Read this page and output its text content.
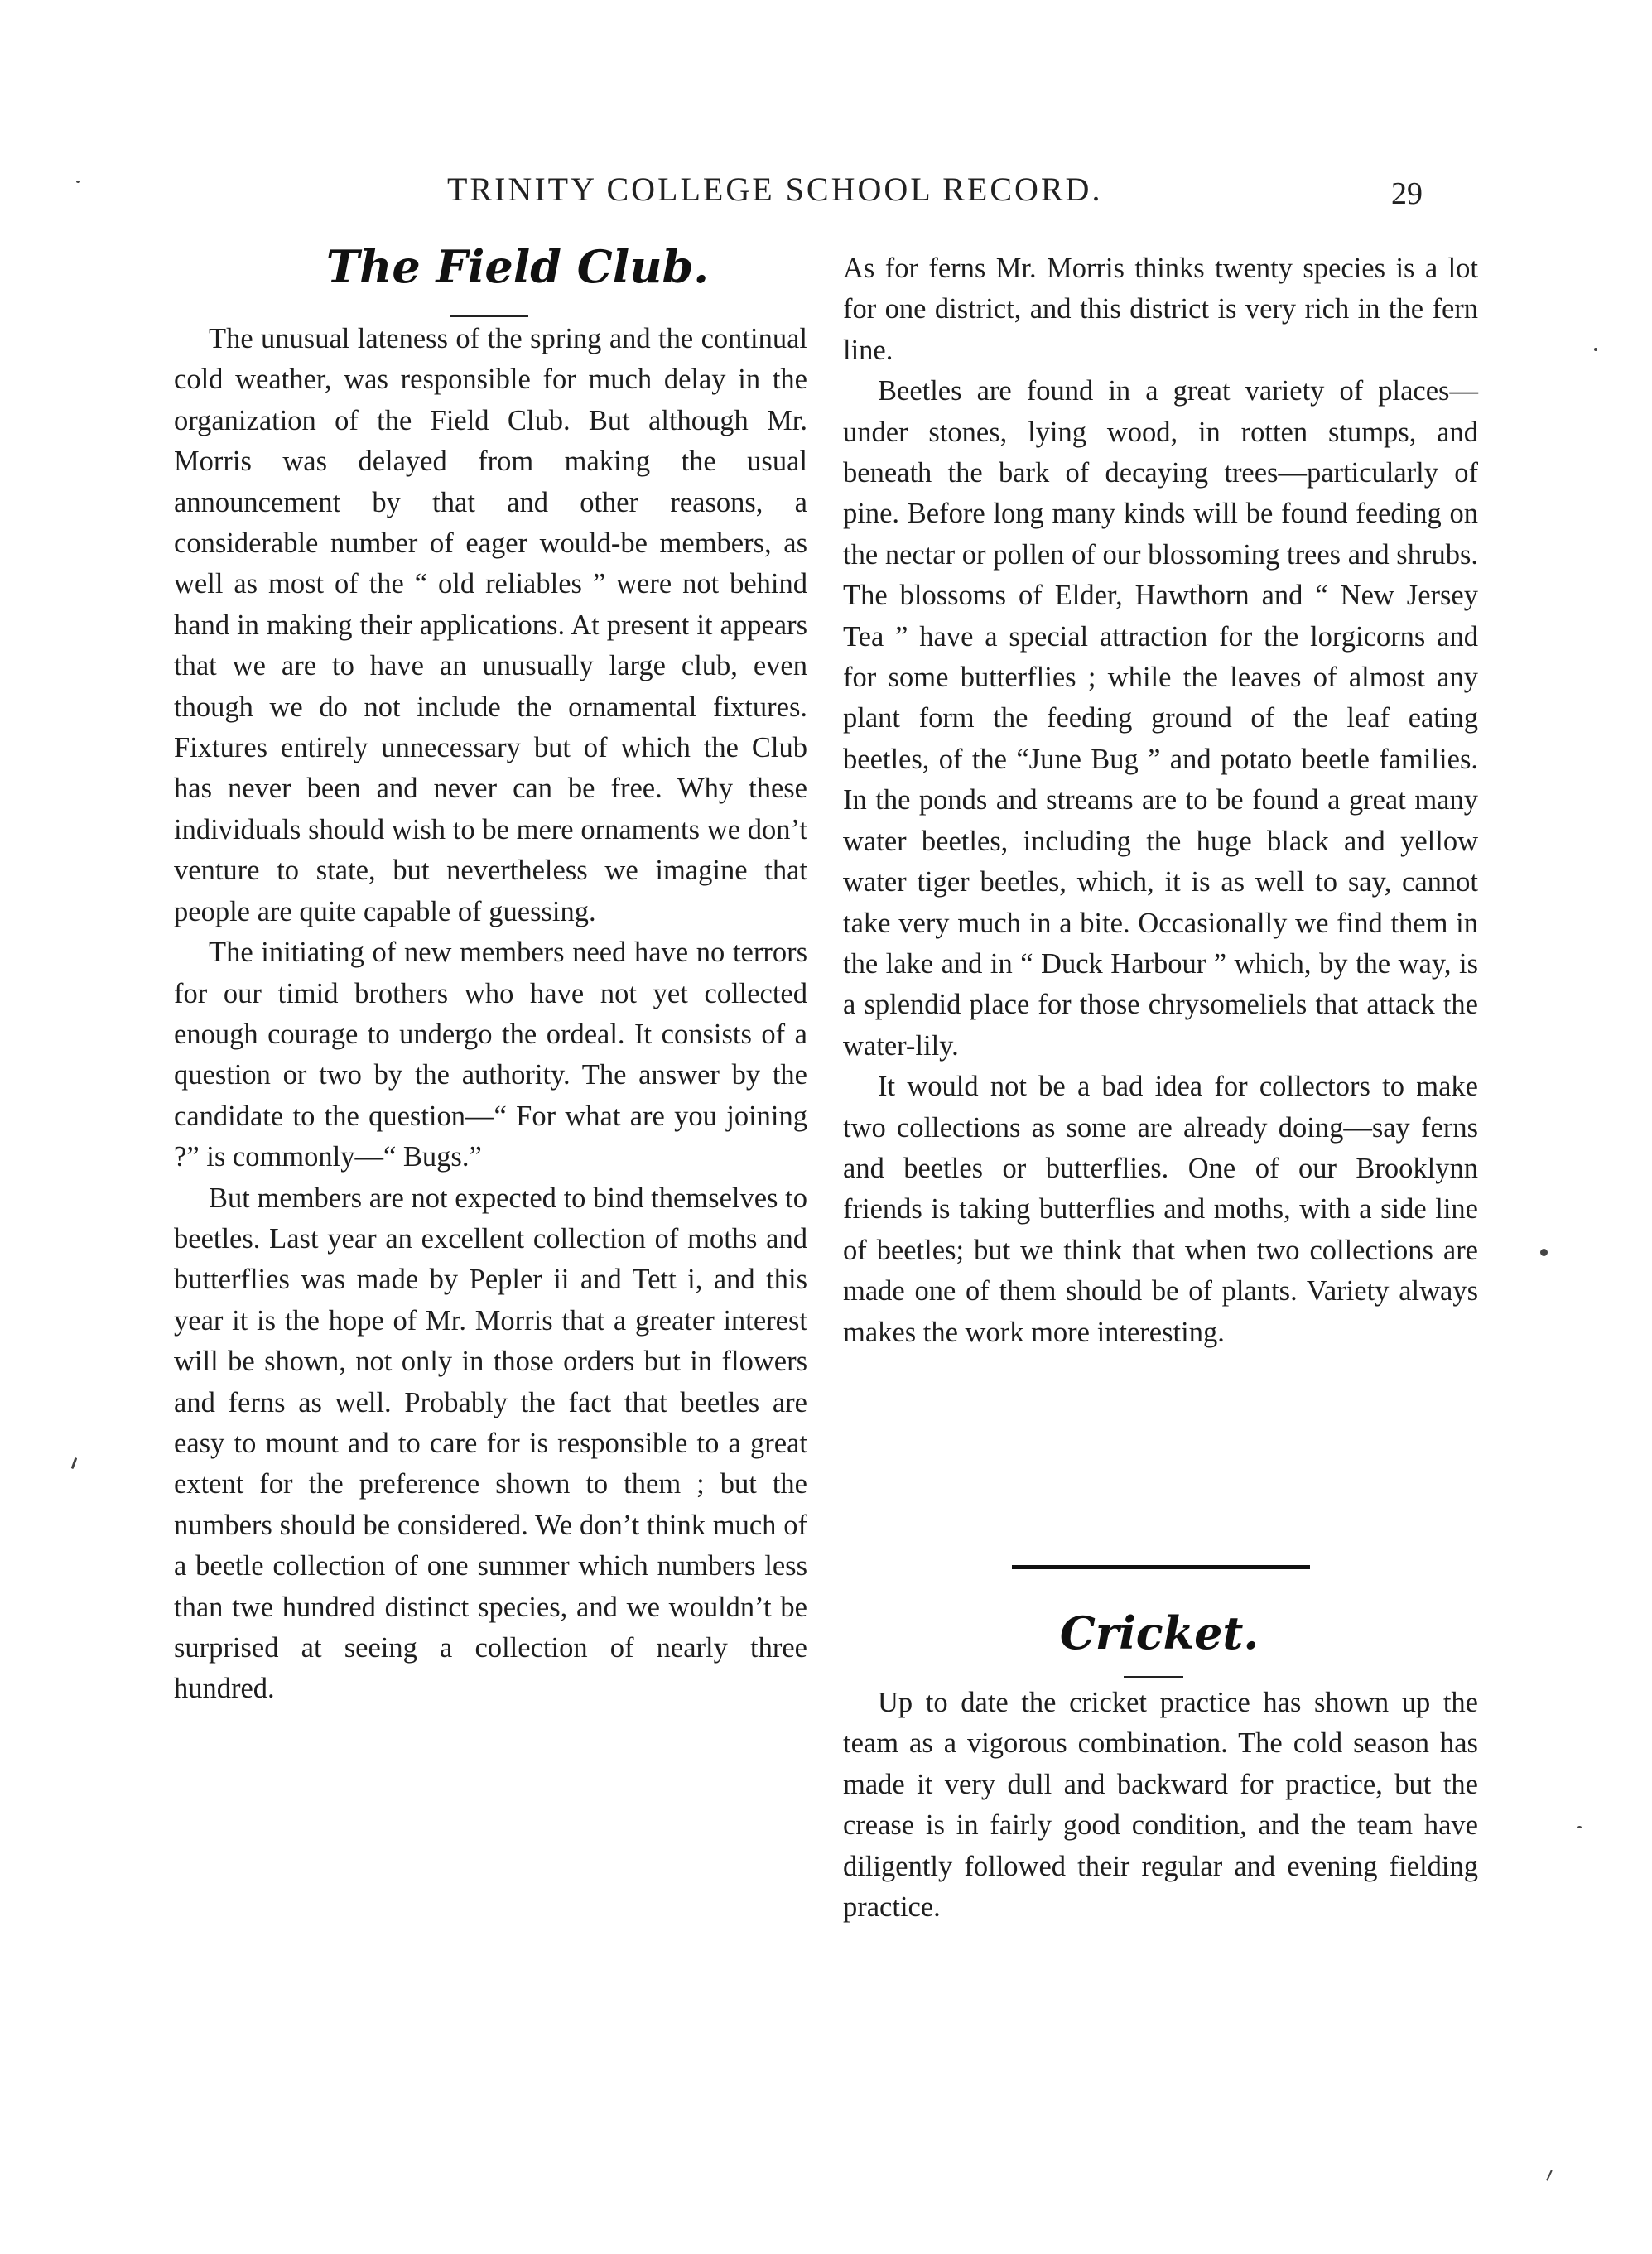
TRINITY COLLEGE SCHOOL RECORD.	29
The Field Club.

The unusual lateness of the spring and the continual cold weather, was responsible for much delay in the organization of the Field Club. But although Mr. Morris was delayed from making the usual announcement by that and other reasons, a considerable number of eager would-be members, as well as most of the “ old reliables ” were not behind hand in making their applications. At present it appears that we are to have an unusually large club, even though we do not include the ornamental fixtures. Fixtures entirely unnecessary but of which the Club has never been and never can be free. Why these individuals should wish to be mere ornaments we don’t venture to state, but nevertheless we imagine that people are quite capable of guessing.

The initiating of new members need have no terrors for our timid brothers who have not yet collected enough courage to undergo the ordeal. It consists of a question or two by the authority. The answer by the candidate to the question—“ For what are you joining ?” is commonly—“ Bugs.”

But members are not expected to bind themselves to beetles. Last year an excellent collection of moths and butterflies was made by Pepler ii and Tett i, and this year it is the hope of Mr. Morris that a greater interest will be shown, not only in those orders but in flowers and ferns as well. Probably the fact that beetles are easy to mount and to care for is responsible to a great extent for the preference shown to them ; but the numbers should be considered. We don’t think much of a beetle collection of one summer which numbers less than twe hundred distinct species, and we wouldn’t be surprised at seeing a collection of nearly three hundred.

As for ferns Mr. Morris thinks twenty species is a lot for one district, and this district is very rich in the fern line.

Beetles are found in a great variety of places—under stones, lying wood, in rotten stumps, and beneath the bark of decaying trees—particularly of pine. Before long many kinds will be found feeding on the nectar or pollen of our blossoming trees and shrubs. The blossoms of Elder, Hawthorn and “ New Jersey Tea ” have a special attraction for the lorgicorns and for some butterflies ; while the leaves of almost any plant form the feeding ground of the leaf eating beetles, of the “June Bug ” and potato beetle families. In the ponds and streams are to be found a great many water beetles, including the huge black and yellow water tiger beetles, which, it is as well to say, cannot take very much in a bite. Occasionally we find them in the lake and in “ Duck Harbour ” which, by the way, is a splendid place for those chrysomeliels that attack the water-lily.

It would not be a bad idea for collectors to make two collections as some are already doing—say ferns and beetles or butterflies. One of our Brooklynn friends is taking butterflies and moths, with a side line of beetles; but we think that when two collections are made one of them should be of plants. Variety always makes the work more interesting.

Cricket.

Up to date the cricket practice has shown up the team as a vigorous combination. The cold season has made it very dull and backward for practice, but the crease is in fairly good condition, and the team have diligently followed their regular and evening fielding practice.
